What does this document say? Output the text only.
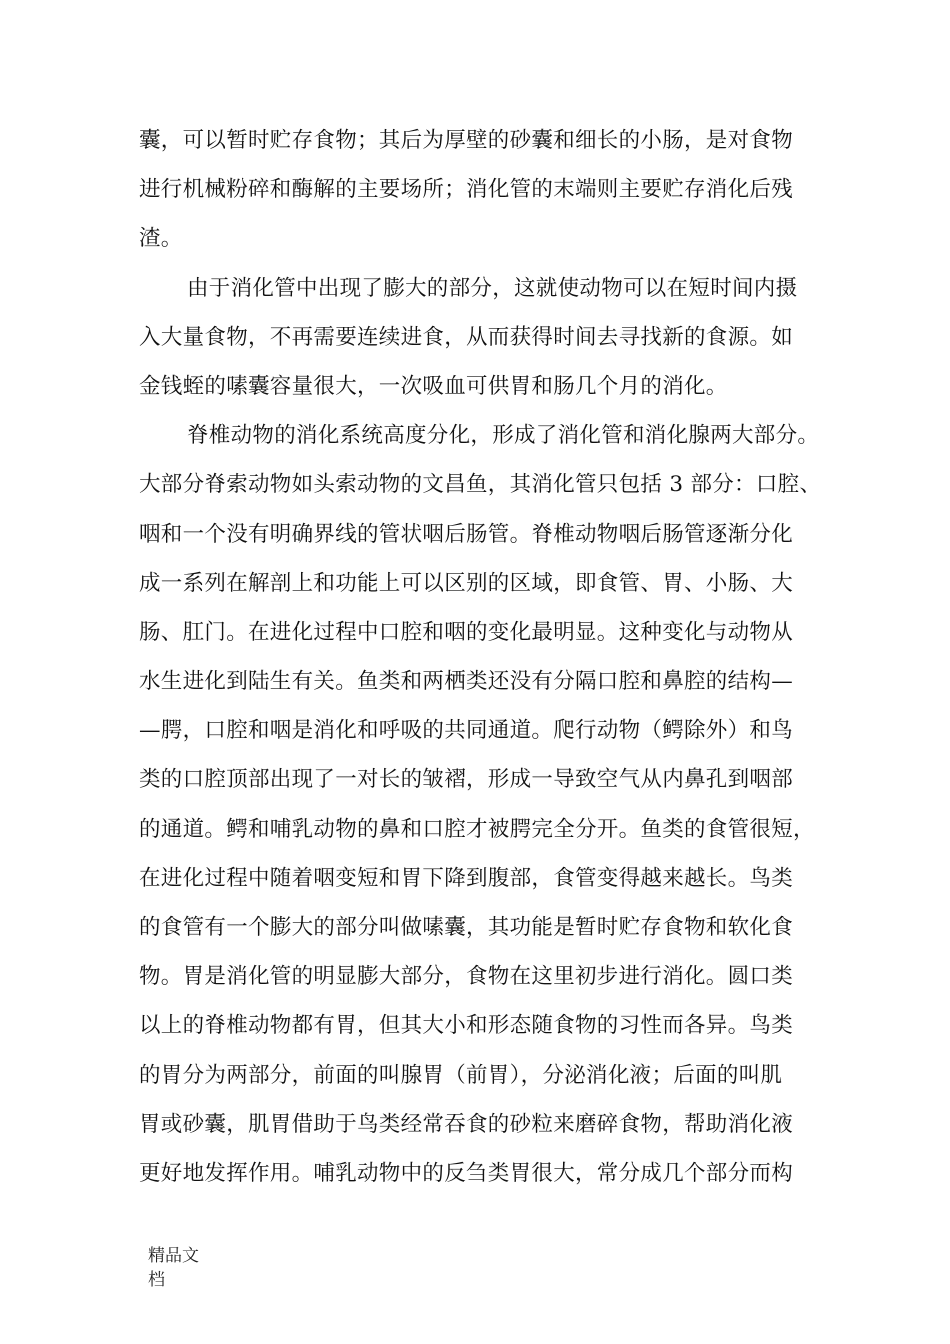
囊，可以暂时贮存食物；其后为厚壁的砂囊和细长的小肠，是对食物
进行机械粉碎和酶解的主要场所；消化管的末端则主要贮存消化后残
渣。
由于消化管中出现了膨大的部分，这就使动物可以在短时间内摄
入大量食物，不再需要连续进食，从而获得时间去寻找新的食源。如
金钱蛭的嗉囊容量很大，一次吸血可供胃和肠几个月的消化。
脊椎动物的消化系统高度分化，形成了消化管和消化腺两大部分。
大部分脊索动物如头索动物的文昌鱼，其消化管只包括 3 部分：口腔、
咽和一个没有明确界线的管状咽后肠管。脊椎动物咽后肠管逐渐分化
成一系列在解剖上和功能上可以区别的区域，即食管、胃、小肠、大
肠、肛门。在进化过程中口腔和咽的变化最明显。这种变化与动物从
水生进化到陆生有关。鱼类和两栖类还没有分隔口腔和鼻腔的结构—
—腭，口腔和咽是消化和呼吸的共同通道。爬行动物（鳄除外）和鸟
类的口腔顶部出现了一对长的皱褶，形成一导致空气从内鼻孔到咽部
的通道。鳄和哺乳动物的鼻和口腔才被腭完全分开。鱼类的食管很短，
在进化过程中随着咽变短和胃下降到腹部，食管变得越来越长。鸟类
的食管有一个膨大的部分叫做嗉囊，其功能是暂时贮存食物和软化食
物。胃是消化管的明显膨大部分，食物在这里初步进行消化。圆口类
以上的脊椎动物都有胃，但其大小和形态随食物的习性而各异。鸟类
的胃分为两部分，前面的叫腺胃（前胃），分泌消化液；后面的叫肌
胃或砂囊，肌胃借助于鸟类经常吞食的砂粒来磨碎食物，帮助消化液
更好地发挥作用。哺乳动物中的反刍类胃很大，常分成几个部分而构
精品文
档
